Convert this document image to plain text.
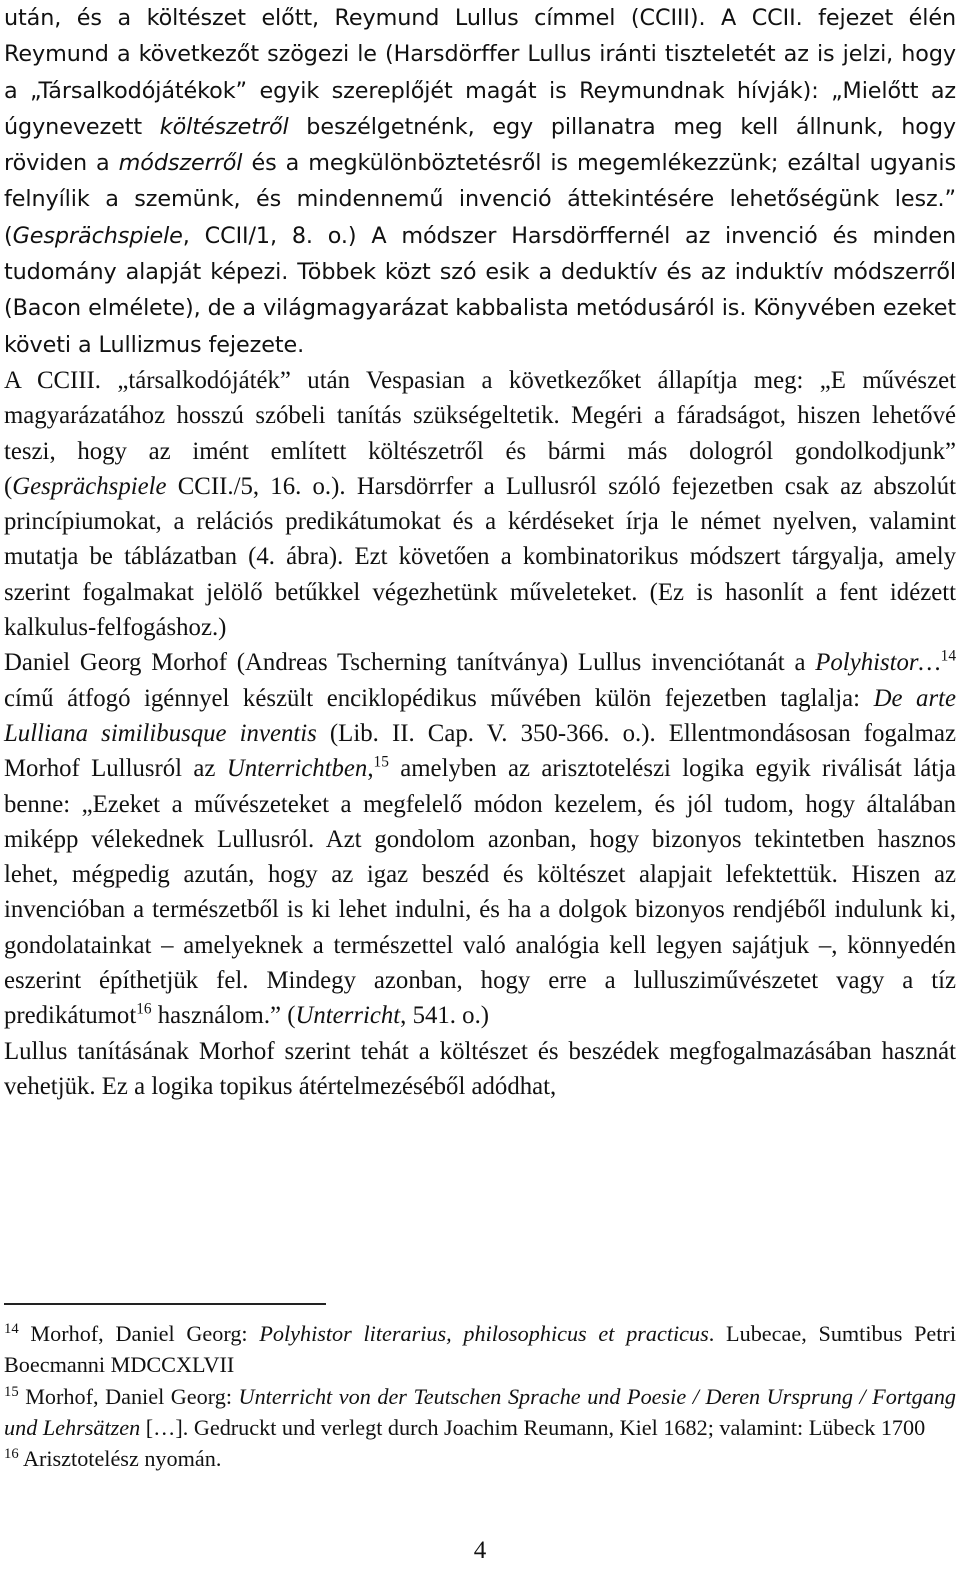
után, és a költészet előtt, Reymund Lullus címmel (CCIII). A CCII. fejezet élén Reymund a következőt szögezi le (Harsdörffer Lullus iránti tiszteletét az is jelzi, hogy a „Társalkodójátékok” egyik szereplőjét magát is Reymundnak hívják): „Mielőtt az úgynevezett költészetről beszélgetnénk, egy pillanatra meg kell állnunk, hogy röviden a módszerről és a megkülönböztetésről is megemlékezzünk; ezáltal ugyanis felnyílik a szemünk, és mindennemű invenció áttekintésére lehetőségünk lesz.” (Gesprächspiele, CCII/1, 8. o.) A módszer Harsdörffernél az invenció és minden tudomány alapját képezi. Többek közt szó esik a deduktív és az induktív módszerről (Bacon elmélete), de a világmagyarázat kabbalista metódusáról is. Könyvében ezeket követi a Lullizmus fejezete.

A CCIII. „társalkodójáték” után Vespasian a következőket állapítja meg: „E művészet magyarázatához hosszú szóbeli tanítás szükségeltetik. Megéri a fáradságot, hiszen lehetővé teszi, hogy az imént említett költészetről és bármi más dologról gondolkodjunk” (Gesprächspiele CCII./5, 16. o.). Harsdörrfer a Lullusról szóló fejezetben csak az abszolút princípiumokat, a relációs predikátumokat és a kérdéseket írja le német nyelven, valamint mutatja be táblázatban (4. ábra). Ezt követően a kombinatorikus módszert tárgyalja, amely szerint fogalmakat jelölő betűkkel végezhetünk műveleteket. (Ez is hasonlít a fent idézett kalkulus-felfogáshoz.)

Daniel Georg Morhof (Andreas Tscherning tanítványa) Lullus invenciótanát a Polyhistor…$^{14}$ című átfogó igénnyel készült enciklopédikus művében külön fejezetben taglalja: De arte Lulliana similibusque inventis (Lib. II. Cap. V. 350-366. o.). Ellentmondásosan fogalmaz Morhof Lullusról az Unterrichtben,$^{15}$ amelyben az arisztotelészi logika egyik riválisát látja benne: „Ezeket a művészeteket a megfelelő módon kezelem, és jól tudom, hogy általában miképp vélekednek Lullusról. Azt gondolom azonban, hogy bizonyos tekintetben hasznos lehet, mégpedig azután, hogy az igaz beszéd és költészet alapjait lefektettük. Hiszen az invencióban a természetből is ki lehet indulni, és ha a dolgok bizonyos rendjéből indulunk ki, gondolatainkat – amelyeknek a természettel való analógia kell legyen sajátjuk –, könnyedén eszerint építhetjük fel. Mindegy azonban, hogy erre a lullusziművészetet vagy a tíz predikátumot$^{16}$ használom.” (Unterricht, 541. o.)

Lullus tanításának Morhof szerint tehát a költészet és beszédek megfogalmazásában hasznát vehetjük. Ez a logika topikus átértelmezéséből adódhat,

$^{14}$ Morhof, Daniel Georg: Polyhistor literarius, philosophicus et practicus. Lubecae, Sumtibus Petri Boecmanni MDCCXLVII

$^{15}$ Morhof, Daniel Georg: Unterricht von der Teutschen Sprache und Poesie / Deren Ursprung / Fortgang und Lehrsätzen […]. Gedruckt und verlegt durch Joachim Reumann, Kiel 1682; valamint: Lübeck 1700

$^{16}$ Arisztotelész nyomán.

4
